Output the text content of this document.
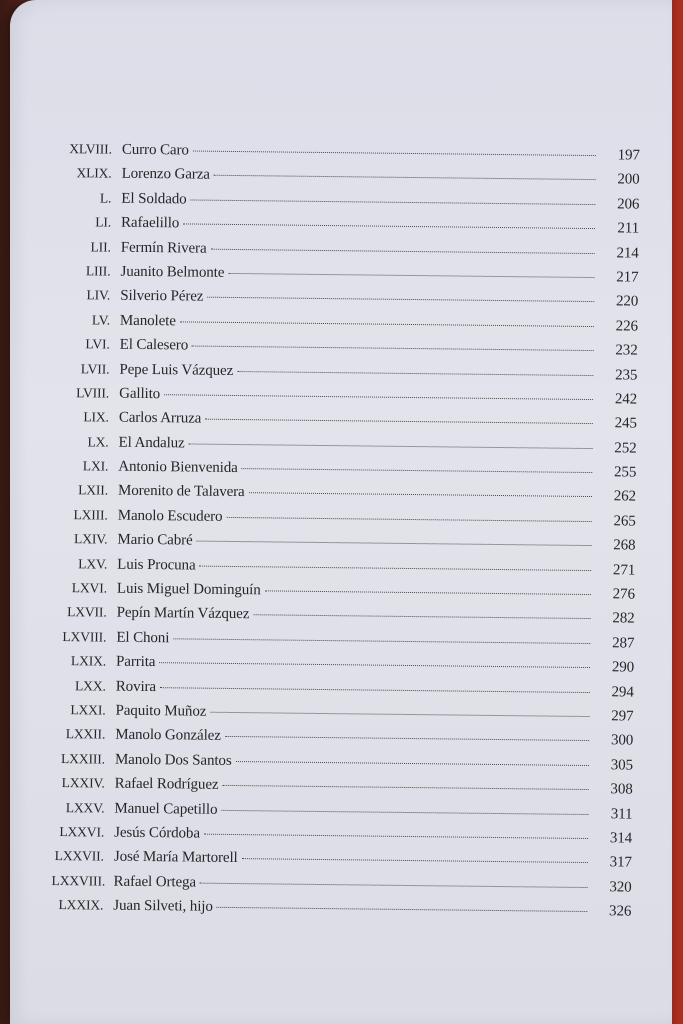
XLVIII. Curro Caro	197
XLIX. Lorenzo Garza	200
L. El Soldado	206
LI. Rafaelillo	211
LII. Fermín Rivera	214
LIII. Juanito Belmonte	217
LIV. Silverio Pérez	220
LV. Manolete	226
LVI. El Calesero	232
LVII. Pepe Luis Vázquez	235
LVIII. Gallito	242
LIX. Carlos Arruza	245
LX. El Andaluz	252
LXI. Antonio Bienvenida	255
LXII. Morenito de Talavera	262
LXIII. Manolo Escudero	265
LXIV. Mario Cabré	268
LXV. Luis Procuna	271
LXVI. Luis Miguel Dominguín	276
LXVII. Pepín Martín Vázquez	282
LXVIII. El Choni	287
LXIX. Parrita	290
LXX. Rovira	294
LXXI. Paquito Muñoz	297
LXXII. Manolo González	300
LXXIII. Manolo Dos Santos	305
LXXIV. Rafael Rodríguez	308
LXXV. Manuel Capetillo	311
LXXVI. Jesús Córdoba	314
LXXVII. José María Martorell	317
LXXVIII. Rafael Ortega	320
LXXIX. Juan Silveti, hijo	326
